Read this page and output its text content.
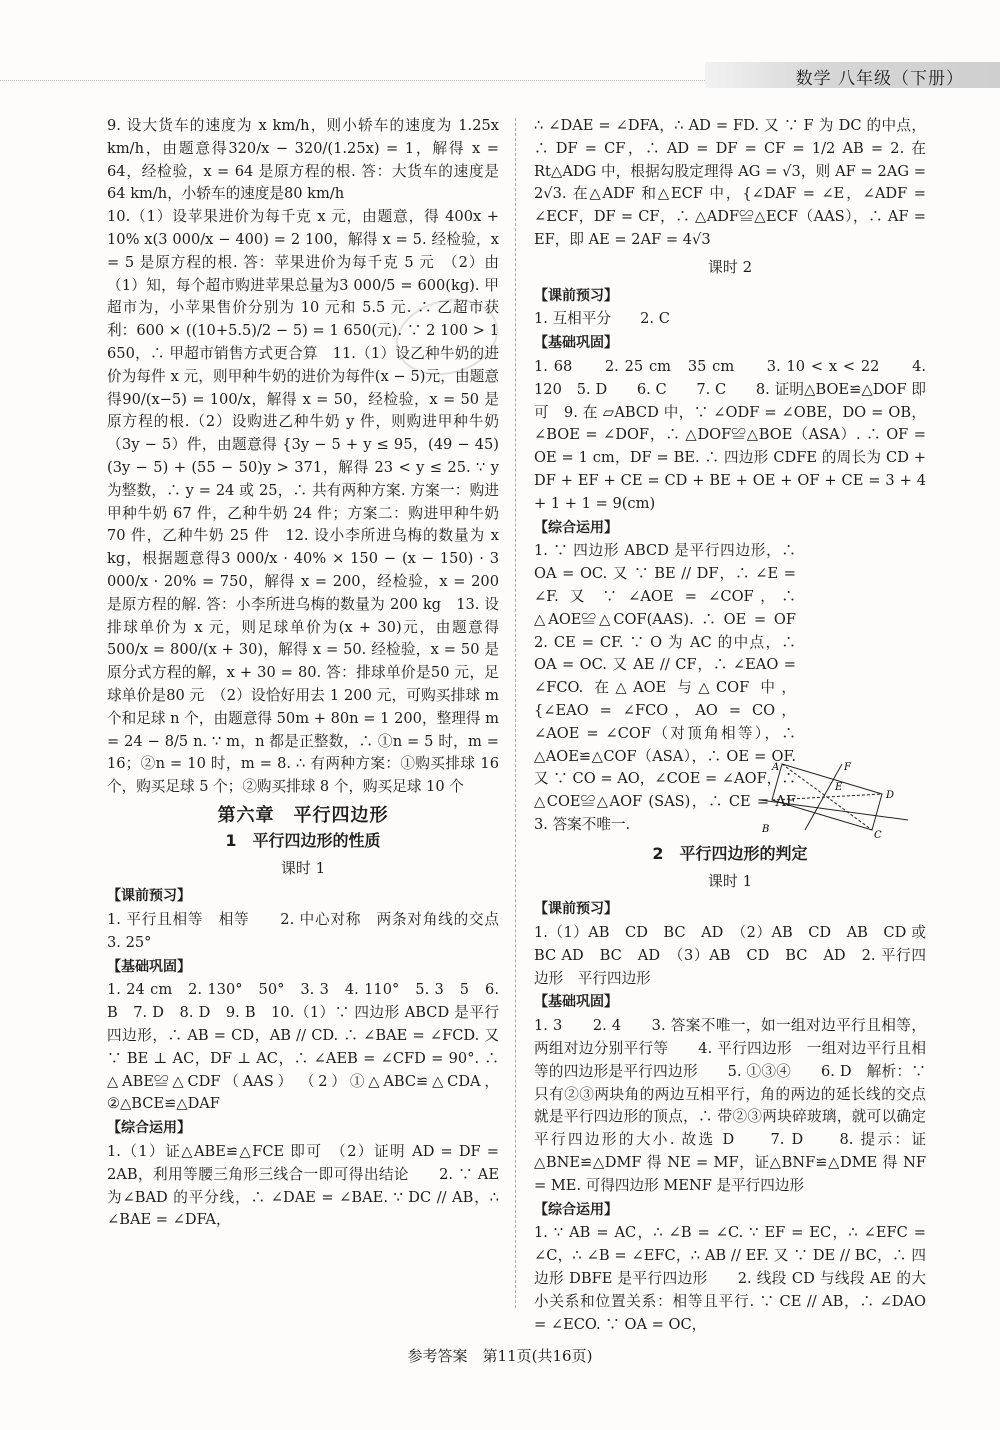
数学 八年级（下册）

9. 设大货车的速度为 x km/h，则小轿车的速度为 1.25x km/h，由题意得320/x − 320/(1.25x) = 1，解得 x = 64，经检验，x = 64 是原方程的根. 答：大货车的速度是 64 km/h，小轿车的速度是80 km/h

10.（1）设苹果进价为每千克 x 元，由题意，得 400x + 10% x(3 000/x − 400) = 2 100，解得 x = 5. 经检验，x = 5 是原方程的根. 答：苹果进价为每千克 5 元　（2）由（1）知，每个超市购进苹果总量为3 000/5 = 600(kg). 甲超市为，小苹果售价分别为 10 元和 5.5 元. ∴ 乙超市获利：600 × ((10+5.5)/2 − 5) = 1 650(元). ∵ 2 100 > 1 650，∴ 甲超市销售方式更合算　11.（1）设乙种牛奶的进价为每件 x 元，则甲种牛奶的进价为每件(x − 5)元，由题意得90/(x−5) = 100/x，解得 x = 50，经检验，x = 50 是原方程的根.（2）设购进乙种牛奶 y 件，则购进甲种牛奶（3y − 5）件，由题意得 {3y − 5 + y ≤ 95，(49 − 45)(3y − 5) + (55 − 50)y > 371，解得 23 < y ≤ 25. ∵ y 为整数，∴ y = 24 或 25，∴ 共有两种方案. 方案一：购进甲种牛奶 67 件，乙种牛奶 24 件；方案二：购进甲种牛奶 70 件，乙种牛奶 25 件　12. 设小李所进乌梅的数量为 x kg，根据题意得3 000/x · 40% × 150 − (x − 150) · 3 000/x · 20% = 750，解得 x = 200，经检验，x = 200 是原方程的解. 答：小李所进乌梅的数量为 200 kg　13. 设排球单价为 x 元，则足球单价为(x + 30)元，由题意得500/x = 800/(x + 30)，解得 x = 50. 经检验，x = 50 是原分式方程的解，x + 30 = 80. 答：排球单价是50 元，足球单价是80 元　（2）设恰好用去 1 200 元，可购买排球 m 个和足球 n 个，由题意得 50m + 80n = 1 200，整理得 m = 24 − 8/5 n. ∵ m，n 都是正整数，∴ ①n = 5 时，m = 16；②n = 10 时，m = 8. ∴ 有两种方案：①购买排球 16 个，购买足球 5 个；②购买排球 8 个，购买足球 10 个

第六章　平行四边形
1　平行四边形的性质
课时 1
【课前预习】

1. 平行且相等　相等　　2. 中心对称　两条对角线的交点　3. 25°

【基础巩固】

1. 24 cm　2. 130°　50°　3. 3　4. 110°　5. 3　5　6. B　7. D　8. D　9. B　10.（1）∵ 四边形 ABCD 是平行四边形，∴ AB = CD，AB // CD. ∴ ∠BAE = ∠FCD. 又 ∵ BE ⊥ AC，DF ⊥ AC，∴ ∠AEB = ∠CFD = 90°. ∴ △ABE≌△CDF（AAS）　（2）①△ABC≌△CDA，②△BCE≌△DAF

【综合运用】

1.（1）证△ABE≌△FCE 即可　（2）证明 AD = DF = 2AB，利用等腰三角形三线合一即可得出结论　　2. ∵ AE 为∠BAD 的平分线，∴ ∠DAE = ∠BAE. ∵ DC // AB，∴ ∠BAE = ∠DFA，

∴ ∠DAE = ∠DFA，∴ AD = FD. 又 ∵ F 为 DC 的中点，∴ DF = CF，∴ AD = DF = CF = 1/2 AB = 2. 在 Rt△ADG 中，根据勾股定理得 AG = √3，则 AF = 2AG = 2√3. 在△ADF 和△ECF 中，{∠DAF = ∠E，∠ADF = ∠ECF，DF = CF，∴ △ADF≌△ECF（AAS），∴ AF = EF，即 AE = 2AF = 4√3

课时 2
【课前预习】

1. 互相平分　　2. C

【基础巩固】

1. 68　　2. 25 cm　35 cm　　3. 10 < x < 22　　4. 120　5. D　　6. C　　7. C　　8. 证明△BOE≌△DOF 即可　9. 在 ▱ABCD 中，∵ ∠ODF = ∠OBE，DO = OB，∠BOE = ∠DOF，∴ △DOF≌△BOE（ASA）. ∴ OF = OE = 1 cm，DF = BE. ∴ 四边形 CDFE 的周长为 CD + DF + EF + CE = CD + BE + OE + OF + CE = 3 + 4 + 1 + 1 = 9(cm)

【综合运用】

1. ∵ 四边形 ABCD 是平行四边形，∴ OA = OC. 又 ∵ BE // DF，∴ ∠E = ∠F. 又 ∵ ∠AOE = ∠COF，∴ △AOE≌△COF(AAS). ∴ OE = OF　　2. CE = CF. ∵ O 为 AC 的中点，∴ OA = OC. 又 AE // CF，∴ ∠EAO = ∠FCO. 在△AOE 与△COF 中，{∠EAO = ∠FCO，AO = CO，∠AOE = ∠COF（对顶角相等），∴ △AOE≌△COF（ASA），∴ OE = OF. 又 ∵ CO = AO，∠COE = ∠AOF，∴ △COE≌△AOF (SAS)，∴ CE = AF　3. 答案不唯一.

2　平行四边形的判定
课时 1
【课前预习】

1.（1）AB　CD　BC　AD　（2）AB　CD　AB　CD 或 BC AD　BC　AD　（3）AB　CD　BC　AD　2. 平行四边形　平行四边形

【基础巩固】

1. 3　　2. 4　　3. 答案不唯一，如一组对边平行且相等，两组对边分别平行等　　4. 平行四边形　一组对边平行且相等的四边形是平行四边形　　5. ①③④　　6. D　解析：∵ 只有②③两块角的两边互相平行，角的两边的延长线的交点就是平行四边形的顶点，∴ 带②③两块碎玻璃，就可以确定平行四边形的大小. 故选 D　　7. D　　8. 提示：证△BNE≌△DMF 得 NE = MF，证△BNF≌△DME 得 NF = ME. 可得四边形 MENF 是平行四边形

【综合运用】

1. ∵ AB = AC，∴ ∠B = ∠C. ∵ EF = EC，∴ ∠EFC = ∠C，∴ ∠B = ∠EFC，∴ AB // EF. 又 ∵ DE // BC，∴ 四边形 DBFE 是平行四边形　　2. 线段 CD 与线段 AE 的大小关系和位置关系：相等且平行. ∵ CE // AB，∴ ∠DAO = ∠ECO. ∵ OA = OC，

A	F
E
D
B
C
参考答案　第11页(共16页)
